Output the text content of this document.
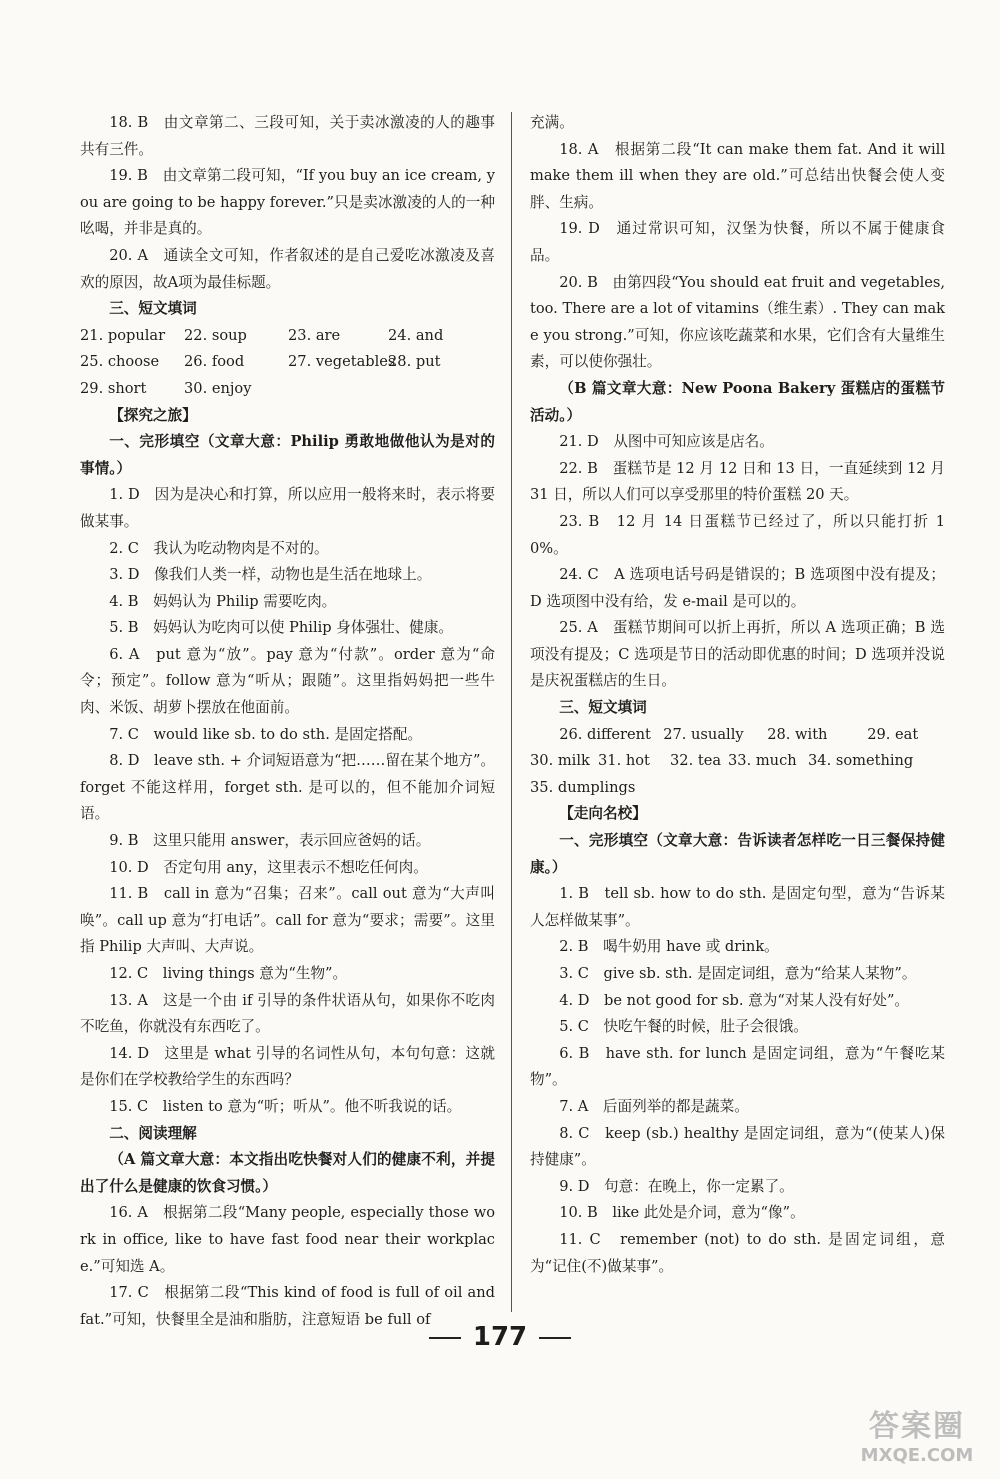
18. B　由文章第二、三段可知，关于卖冰激凌的人的趣事共有三件。

19. B　由文章第二段可知，“If you buy an ice cream, you are going to be happy forever.”只是卖冰激凌的人的一种吆喝，并非是真的。

20. A　通读全文可知，作者叙述的是自己爱吃冰激凌及喜欢的原因，故A项为最佳标题。

三、短文填词

21. popular 22. soup	23. are	24. and

25. choose 26. food	27. vegetables28. put

29. short	30. enjoy

【探究之旅】

一、完形填空（文章大意：Philip 勇敢地做他认为是对的事情。）

1. D　因为是决心和打算，所以应用一般将来时，表示将要做某事。

2. C　我认为吃动物肉是不对的。

3. D　像我们人类一样，动物也是生活在地球上。

4. B　妈妈认为 Philip 需要吃肉。

5. B　妈妈认为吃肉可以使 Philip 身体强壮、健康。

6. A　put 意为“放”。pay 意为“付款”。order 意为“命令；预定”。follow 意为“听从；跟随”。这里指妈妈把一些牛肉、米饭、胡萝卜摆放在他面前。

7. C　would like sb. to do sth. 是固定搭配。

8. D　leave sth. + 介词短语意为“把……留在某个地方”。forget 不能这样用，forget sth. 是可以的，但不能加介词短语。

9. B　这里只能用 answer，表示回应爸妈的话。

10. D　否定句用 any，这里表示不想吃任何肉。

11. B　call in 意为“召集；召来”。call out 意为“大声叫唤”。call up 意为“打电话”。call for 意为“要求；需要”。这里指 Philip 大声叫、大声说。

12. C　living things 意为“生物”。

13. A　这是一个由 if 引导的条件状语从句，如果你不吃肉不吃鱼，你就没有东西吃了。

14. D　这里是 what 引导的名词性从句，本句句意：这就是你们在学校教给学生的东西吗？

15. C　listen to 意为“听；听从”。他不听我说的话。

二、阅读理解

（A 篇文章大意：本文指出吃快餐对人们的健康不利，并提出了什么是健康的饮食习惯。）

16. A　根据第二段“Many people, especially those work in office, like to have fast food near their workplace.”可知选 A。

17. C　根据第二段“This kind of food is full of oil and fat.”可知，快餐里全是油和脂肪，注意短语 be full of

充满。

18. A　根据第二段“It can make them fat. And it will make them ill when they are old.”可总结出快餐会使人变胖、生病。

19. D　通过常识可知，汉堡为快餐，所以不属于健康食品。

20. B　由第四段“You should eat fruit and vegetables, too. There are a lot of vitamins（维生素）. They can make you strong.”可知，你应该吃蔬菜和水果，它们含有大量维生素，可以使你强壮。

（B 篇文章大意：New Poona Bakery 蛋糕店的蛋糕节活动。）

21. D　从图中可知应该是店名。

22. B　蛋糕节是 12 月 12 日和 13 日，一直延续到 12 月 31 日，所以人们可以享受那里的特价蛋糕 20 天。

23. B　12 月 14 日蛋糕节已经过了，所以只能打折 10%。

24. C　A 选项电话号码是错误的；B 选项图中没有提及；D 选项图中没有给，发 e-mail 是可以的。

25. A　蛋糕节期间可以折上再折，所以 A 选项正确；B 选项没有提及；C 选项是节日的活动即优惠的时间；D 选项并没说是庆祝蛋糕店的生日。

三、短文填词

26. different 27. usually 28. with	29. eat

30. milk 31. hot 32. tea 33. much 34. something

35. dumplings

【走向名校】

一、完形填空（文章大意：告诉读者怎样吃一日三餐保持健康。）

1. B　tell sb. how to do sth. 是固定句型，意为“告诉某人怎样做某事”。

2. B　喝牛奶用 have 或 drink。

3. C　give sb. sth. 是固定词组，意为“给某人某物”。

4. D　be not good for sb. 意为“对某人没有好处”。

5. C　快吃午餐的时候，肚子会很饿。

6. B　have sth. for lunch 是固定词组，意为“午餐吃某物”。

7. A　后面列举的都是蔬菜。

8. C　keep (sb.) healthy 是固定词组，意为“(使某人)保持健康”。

9. D　句意：在晚上，你一定累了。

10. B　like 此处是介词，意为“像”。

11. C　remember (not) to do sth. 是固定词组，意为“记住(不)做某事”。

177
答案圈
MXQE.COM
